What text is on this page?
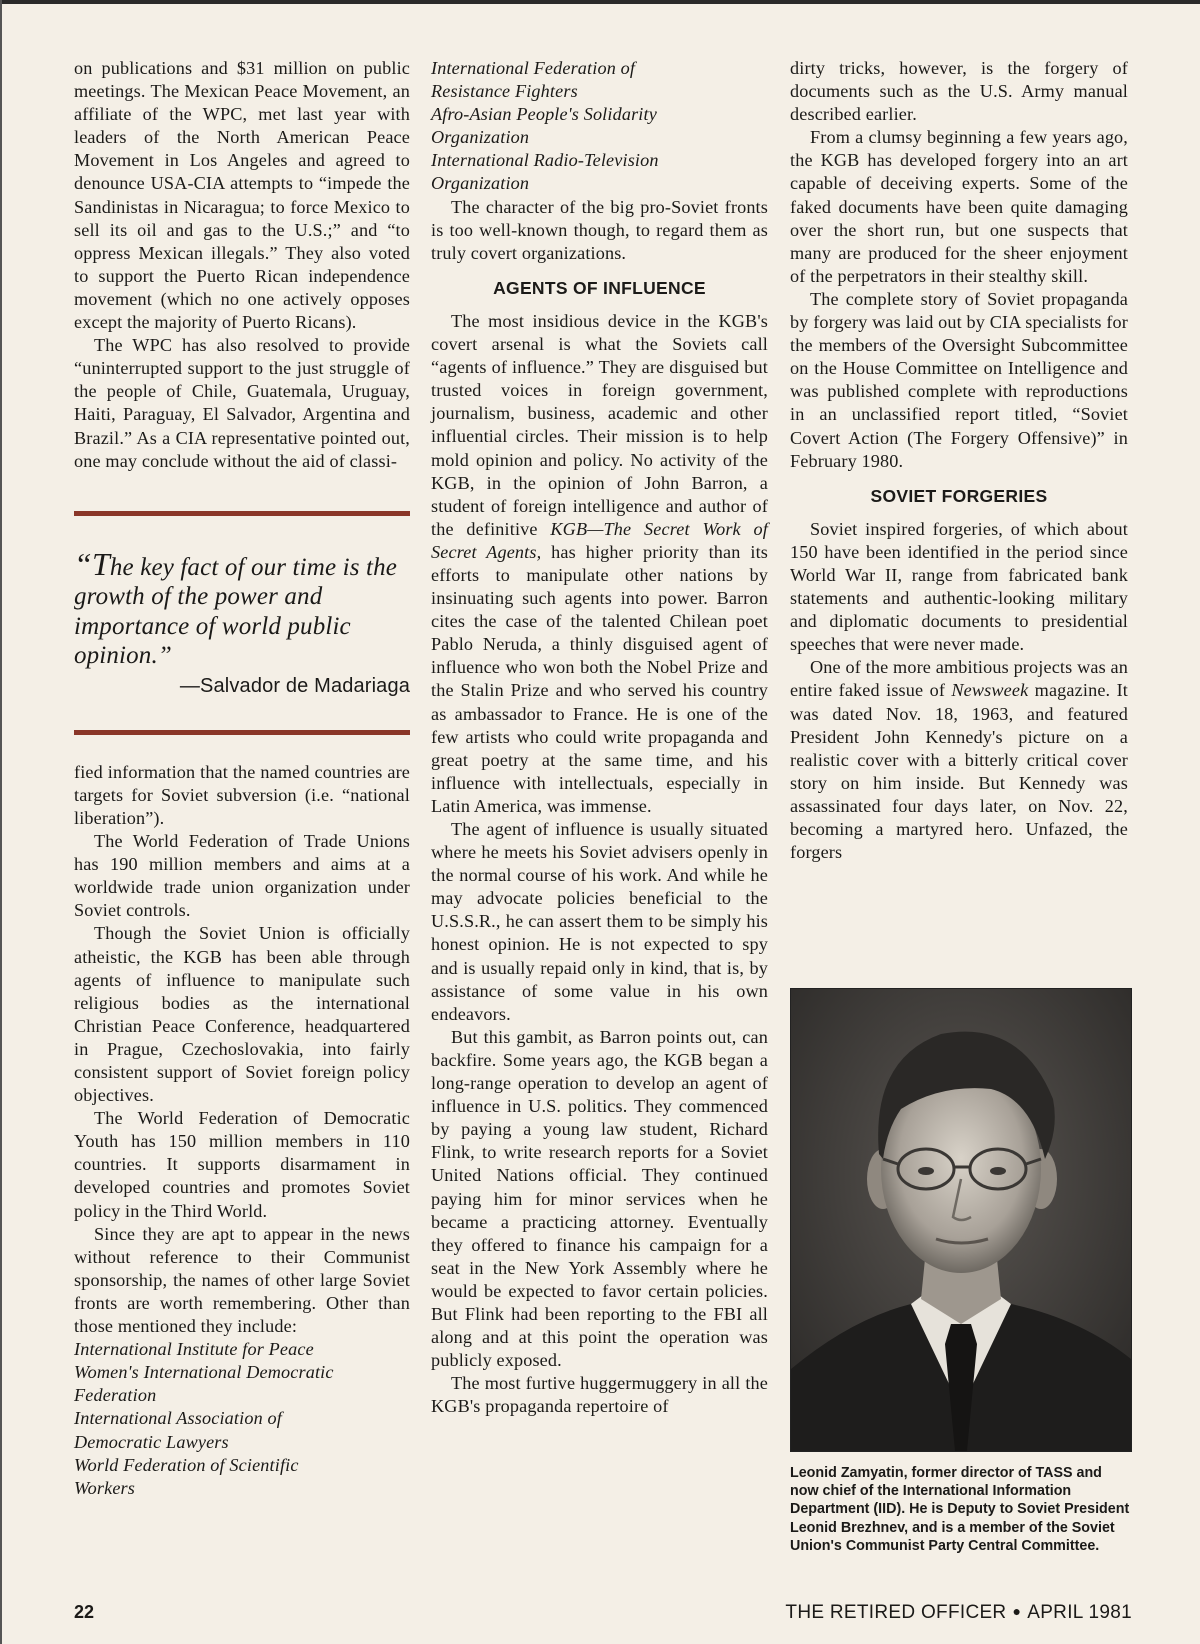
on publications and $31 million on public meetings. The Mexican Peace Movement, an affiliate of the WPC, met last year with leaders of the North American Peace Movement in Los Angeles and agreed to denounce USA-CIA attempts to “impede the Sandinistas in Nicaragua; to force Mexico to sell its oil and gas to the U.S.;” and “to oppress Mexican illegals.” They also voted to support the Puerto Rican independence movement (which no one actively opposes except the majority of Puerto Ricans).

The WPC has also resolved to provide “uninterrupted support to the just struggle of the people of Chile, Guatemala, Uruguay, Haiti, Paraguay, El Salvador, Argentina and Brazil.” As a CIA representative pointed out, one may conclude without the aid of classi-

“The key fact of our time is the growth of the power and importance of world public opinion.”
—Salvador de Madariaga

fied information that the named countries are targets for Soviet subversion (i.e. “national liberation”).

The World Federation of Trade Unions has 190 million members and aims at a worldwide trade union organization under Soviet controls.

Though the Soviet Union is officially atheistic, the KGB has been able through agents of influence to manipulate such religious bodies as the international Christian Peace Conference, headquartered in Prague, Czechoslovakia, into fairly consistent support of Soviet foreign policy objectives.

The World Federation of Democratic Youth has 150 million members in 110 countries. It supports disarmament in developed countries and promotes Soviet policy in the Third World.

Since they are apt to appear in the news without reference to their Communist sponsorship, the names of other large Soviet fronts are worth remembering. Other than those mentioned they include:

International Institute for Peace
Women's International Democratic
Federation
International Association of
Democratic Lawyers
World Federation of Scientific
Workers
International Federation of
Resistance Fighters
Afro-Asian People's Solidarity
Organization
International Radio-Television
Organization

The character of the big pro-Soviet fronts is too well-known though, to regard them as truly covert organizations.

AGENTS OF INFLUENCE

The most insidious device in the KGB's covert arsenal is what the Soviets call “agents of influence.” They are disguised but trusted voices in foreign government, journalism, business, academic and other influential circles. Their mission is to help mold opinion and policy. No activity of the KGB, in the opinion of John Barron, a student of foreign intelligence and author of the definitive KGB—The Secret Work of Secret Agents, has higher priority than its efforts to manipulate other nations by insinuating such agents into power. Barron cites the case of the talented Chilean poet Pablo Neruda, a thinly disguised agent of influence who won both the Nobel Prize and the Stalin Prize and who served his country as ambassador to France. He is one of the few artists who could write propaganda and great poetry at the same time, and his influence with intellectuals, especially in Latin America, was immense.

The agent of influence is usually situated where he meets his Soviet advisers openly in the normal course of his work. And while he may advocate policies beneficial to the U.S.S.R., he can assert them to be simply his honest opinion. He is not expected to spy and is usually repaid only in kind, that is, by assistance of some value in his own endeavors.

But this gambit, as Barron points out, can backfire. Some years ago, the KGB began a long-range operation to develop an agent of influence in U.S. politics. They commenced by paying a young law student, Richard Flink, to write research reports for a Soviet United Nations official. They continued paying him for minor services when he became a practicing attorney. Eventually they offered to finance his campaign for a seat in the New York Assembly where he would be expected to favor certain policies. But Flink had been reporting to the FBI all along and at this point the operation was publicly exposed.

The most furtive huggermuggery in all the KGB's propaganda repertoire of

dirty tricks, however, is the forgery of documents such as the U.S. Army manual described earlier.

From a clumsy beginning a few years ago, the KGB has developed forgery into an art capable of deceiving experts. Some of the faked documents have been quite damaging over the short run, but one suspects that many are produced for the sheer enjoyment of the perpetrators in their stealthy skill.

The complete story of Soviet propaganda by forgery was laid out by CIA specialists for the members of the Oversight Subcommittee on the House Committee on Intelligence and was published complete with reproductions in an unclassified report titled, “Soviet Covert Action (The Forgery Offensive)” in February 1980.

SOVIET FORGERIES

Soviet inspired forgeries, of which about 150 have been identified in the period since World War II, range from fabricated bank statements and authentic-looking military and diplomatic documents to presidential speeches that were never made.

One of the more ambitious projects was an entire faked issue of Newsweek magazine. It was dated Nov. 18, 1963, and featured President John Kennedy's picture on a realistic cover with a bitterly critical cover story on him inside. But Kennedy was assassinated four days later, on Nov. 22, becoming a martyred hero. Unfazed, the forgers

Leonid Zamyatin, former director of TASS and now chief of the International Information Department (IID). He is Deputy to Soviet President Leonid Brezhnev, and is a member of the Soviet Union's Communist Party Central Committee.
22	THE RETIRED OFFICER ● APRIL 1981
